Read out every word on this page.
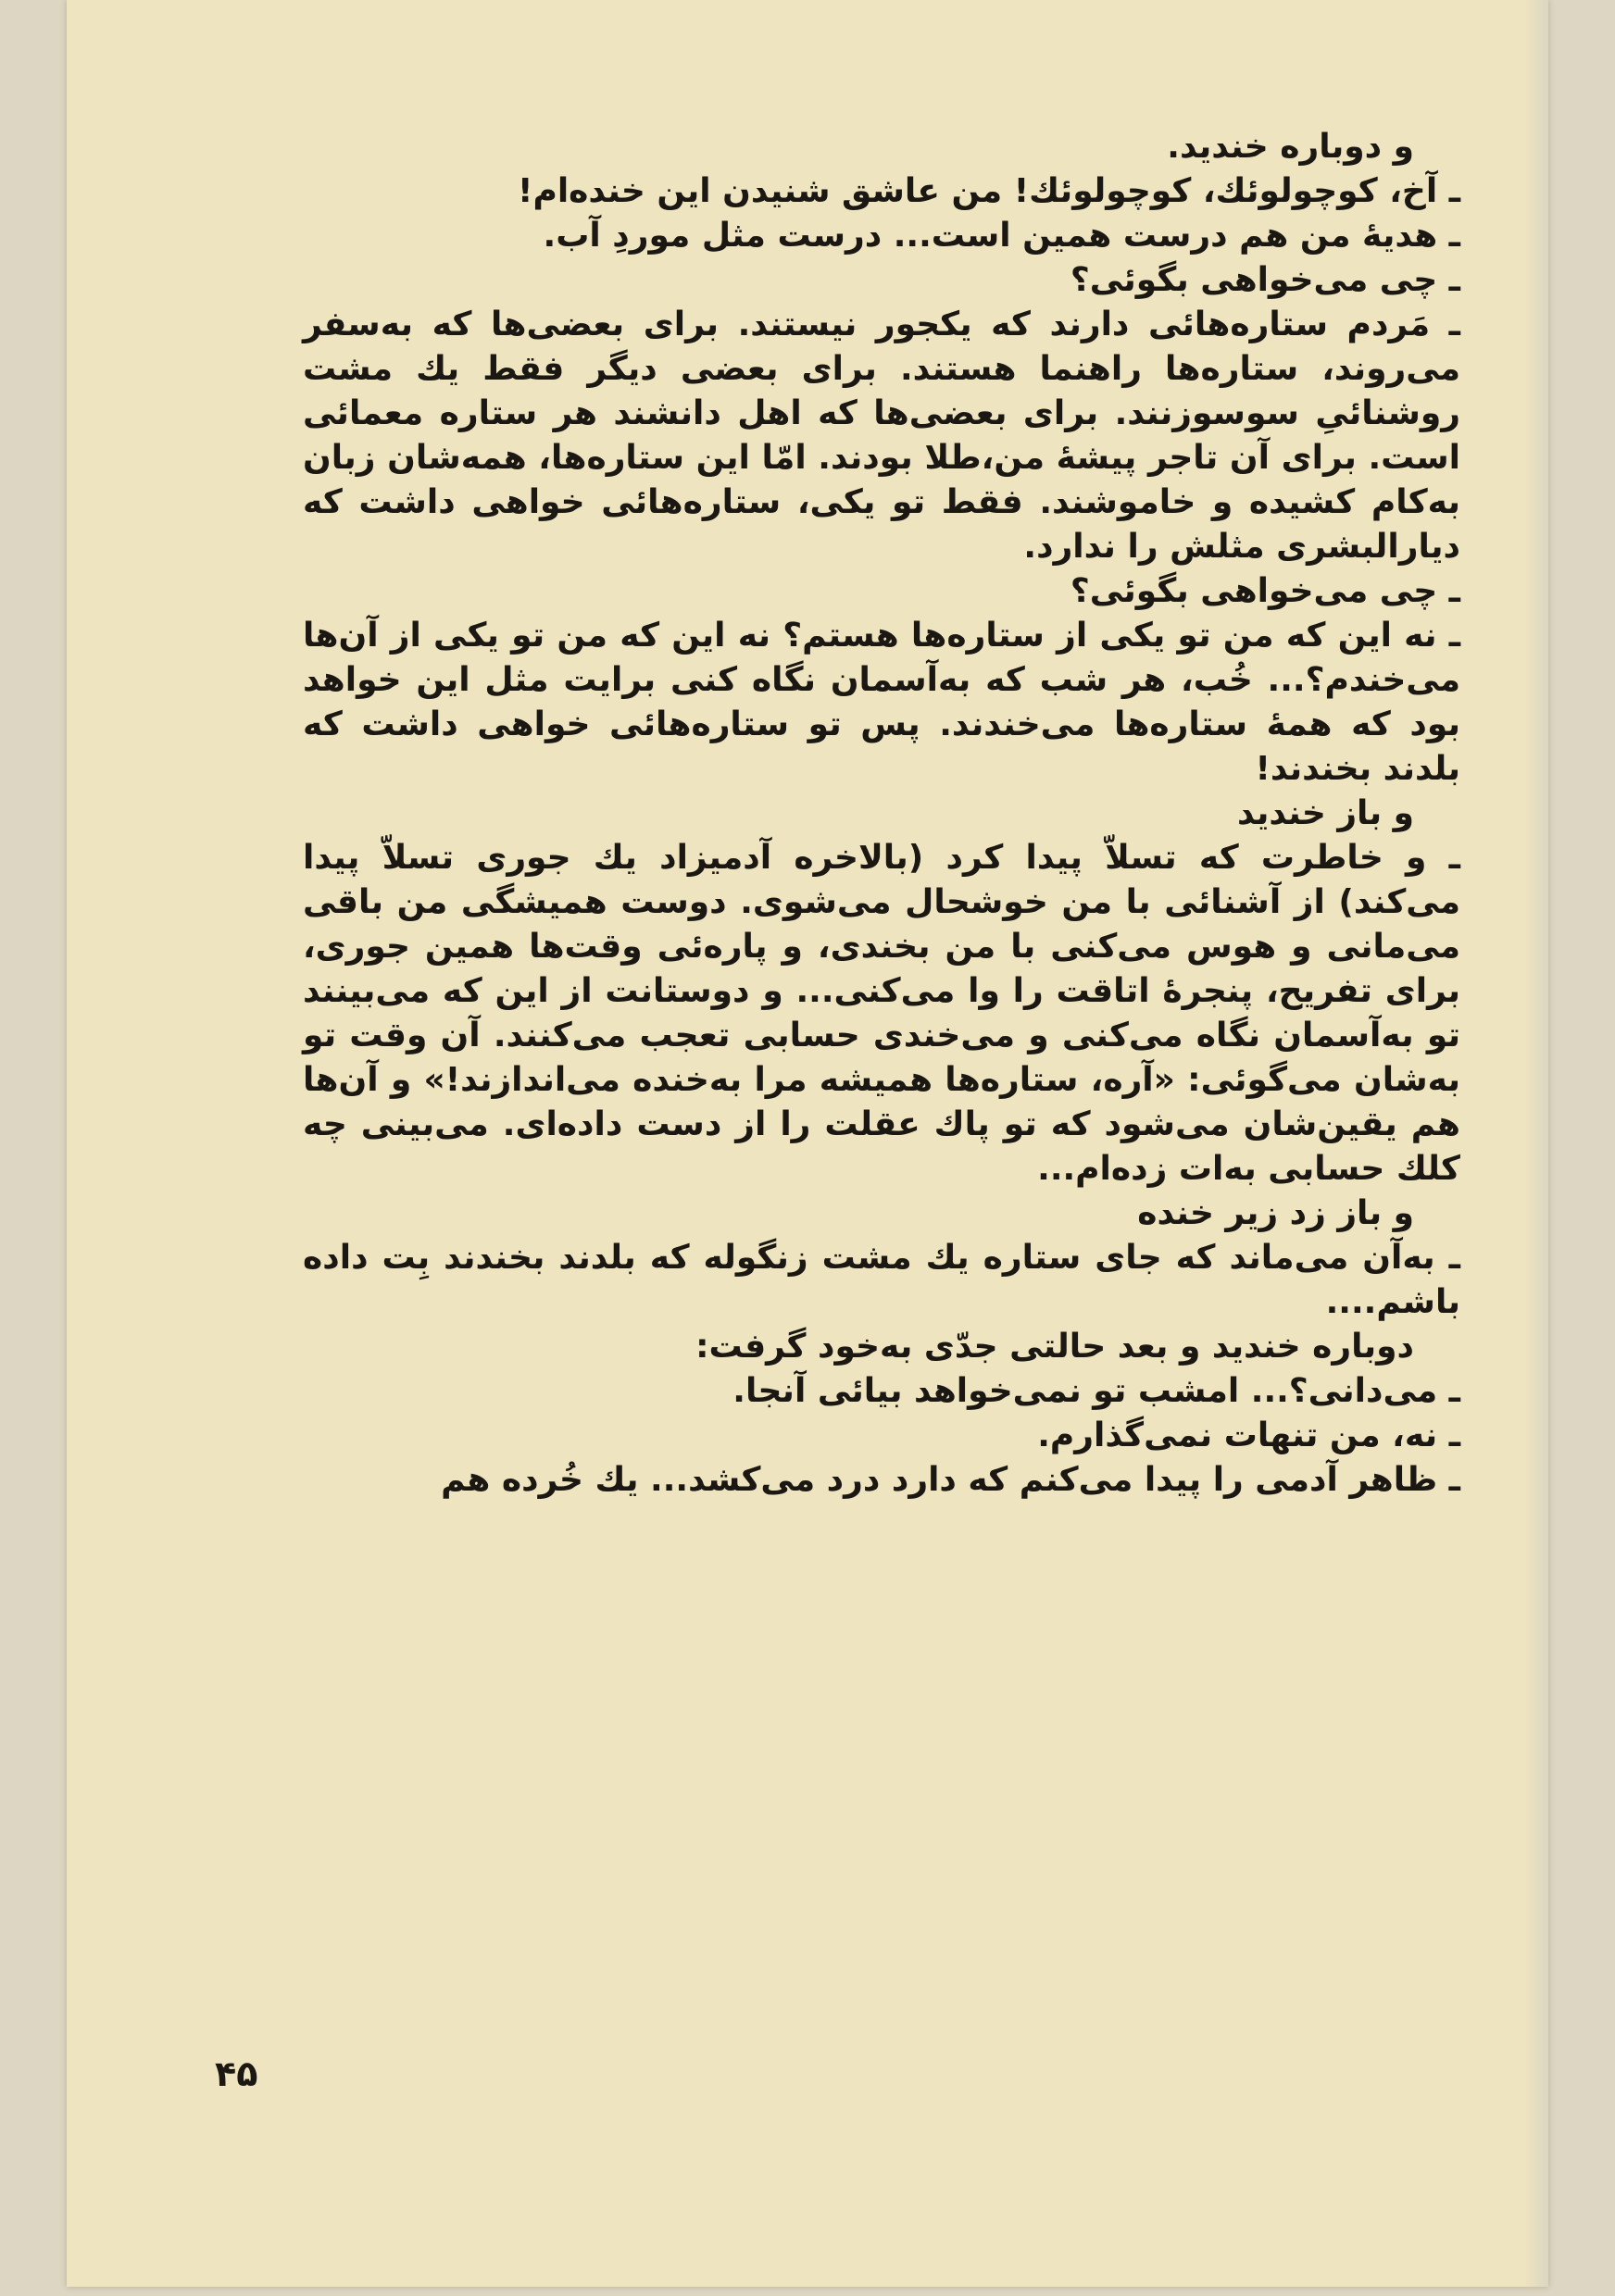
و دوباره خندید.

ـ آخ، کوچولوئك، کوچولوئك! من عاشق شنیدن این خنده‌ام!

ـ هدیهٔ من هم درست همین است... درست مثل موردِ آب.

ـ چی می‌خواهی بگوئی؟

ـ مَردم ستاره‌هائی دارند که یکجور نیستند. برای بعضی‌ها که به‌سفر می‌روند، ستاره‌ها راهنما هستند. برای بعضی دیگر فقط یك مشت روشنائیِ سوسوزنند. برای بعضی‌ها که اهل دانشند هر ستاره معمائی است. برای آن تاجر پیشهٔ من،طلا بودند. امّا این ستاره‌ها، همه‌شان زبان به‌کام کشیده و خاموشند. فقط تو یکی، ستاره‌هائی خواهی داشت که دیارالبشری مثلش را ندارد.

ـ چی می‌خواهی بگوئی؟

ـ نه این که من تو یکی از ستاره‌ها هستم؟ نه این که من تو یکی از آن‌ها می‌خندم؟... خُب، هر شب که به‌آسمان نگاه کنی برایت مثل این خواهد بود که همهٔ ستاره‌ها می‌خندند. پس تو ستاره‌هائی خواهی داشت که بلدند بخندند!

و باز خندید

ـ و خاطرت که تسلاّ پیدا کرد (بالاخره آدمیزاد یك جوری تسلاّ پیدا می‌کند) از آشنائی با من خوشحال می‌شوی. دوست همیشگی من باقی می‌مانی و هوس می‌کنی با من بخندی، و پاره‌ئی وقت‌ها همین جوری، برای تفریح، پنجرهٔ اتاقت را وا می‌کنی... و دوستانت از این که می‌بینند تو به‌آسمان نگاه می‌کنی و می‌خندی حسابی تعجب می‌کنند. آن وقت تو به‌شان می‌گوئی: «آره، ستاره‌ها همیشه مرا به‌خنده می‌اندازند!» و آن‌ها هم یقین‌شان می‌شود که تو پاك عقلت را از دست داده‌ای. می‌بینی چه کلك حسابی به‌ات زده‌ام...

و باز زد زیر خنده

ـ به‌آن می‌ماند که جای ستاره یك مشت زنگوله که بلدند بخندند بِت داده باشم....

دوباره خندید و بعد حالتی جدّی به‌خود گرفت:

ـ می‌دانی؟... امشب تو نمی‌خواهد بیائی آنجا.

ـ نه، من تنهات نمی‌گذارم.

ـ ظاهر آدمی را پیدا می‌کنم که دارد درد می‌کشد... یك خُرده هم

۴۵
